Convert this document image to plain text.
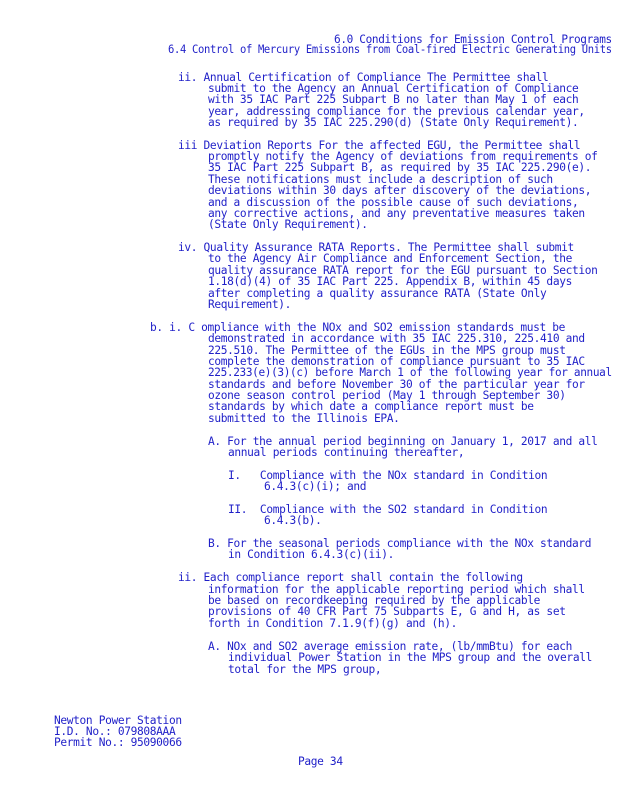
6.0 Conditions for Emission Control Programs
6.4 Control of Mercury Emissions from Coal-fired Electric Generating Units
ii. Annual Certification of Compliance The Permittee shall
submit to the Agency an Annual Certification of Compliance
with 35 IAC Part 225 Subpart B no later than May 1 of each
year, addressing compliance for the previous calendar year,
as required by 35 IAC 225.290(d) (State Only Requirement).
iii Deviation Reports For the affected EGU, the Permittee shall
promptly notify the Agency of deviations from requirements of
35 IAC Part 225 Subpart B, as required by 35 IAC 225.290(e).
These notifications must include a description of such
deviations within 30 days after discovery of the deviations,
and a discussion of the possible cause of such deviations,
any corrective actions, and any preventative measures taken
(State Only Requirement).
iv. Quality Assurance RATA Reports. The Permittee shall submit
to the Agency Air Compliance and Enforcement Section, the
quality assurance RATA report for the EGU pursuant to Section
1.18(d)(4) of 35 IAC Part 225. Appendix B, within 45 days
after completing a quality assurance RATA (State Only
Requirement).
b. i. C ompliance with the NOx and SO2 emission standards must be
demonstrated in accordance with 35 IAC 225.310, 225.410 and
225.510. The Permittee of the EGUs in the MPS group must
complete the demonstration of compliance pursuant to 35 IAC
225.233(e)(3)(c) before March 1 of the following year for annual
standards and before November 30 of the particular year for
ozone season control period (May 1 through September 30)
standards by which date a compliance report must be
submitted to the Illinois EPA.
A. For the annual period beginning on January 1, 2017 and all
annual periods continuing thereafter,
I.   Compliance with the NOx standard in Condition
6.4.3(c)(i); and
II.  Compliance with the SO2 standard in Condition
6.4.3(b).
B. For the seasonal periods compliance with the NOx standard
in Condition 6.4.3(c)(ii).
ii. Each compliance report shall contain the following
information for the applicable reporting period which shall
be based on recordkeeping required by the applicable
provisions of 40 CFR Part 75 Subparts E, G and H, as set
forth in Condition 7.1.9(f)(g) and (h).
A. NOx and SO2 average emission rate, (lb/mmBtu) for each
individual Power Station in the MPS group and the overall
total for the MPS group,
Newton Power Station
I.D. No.: 079808AAA
Permit No.: 95090066
Page 34
